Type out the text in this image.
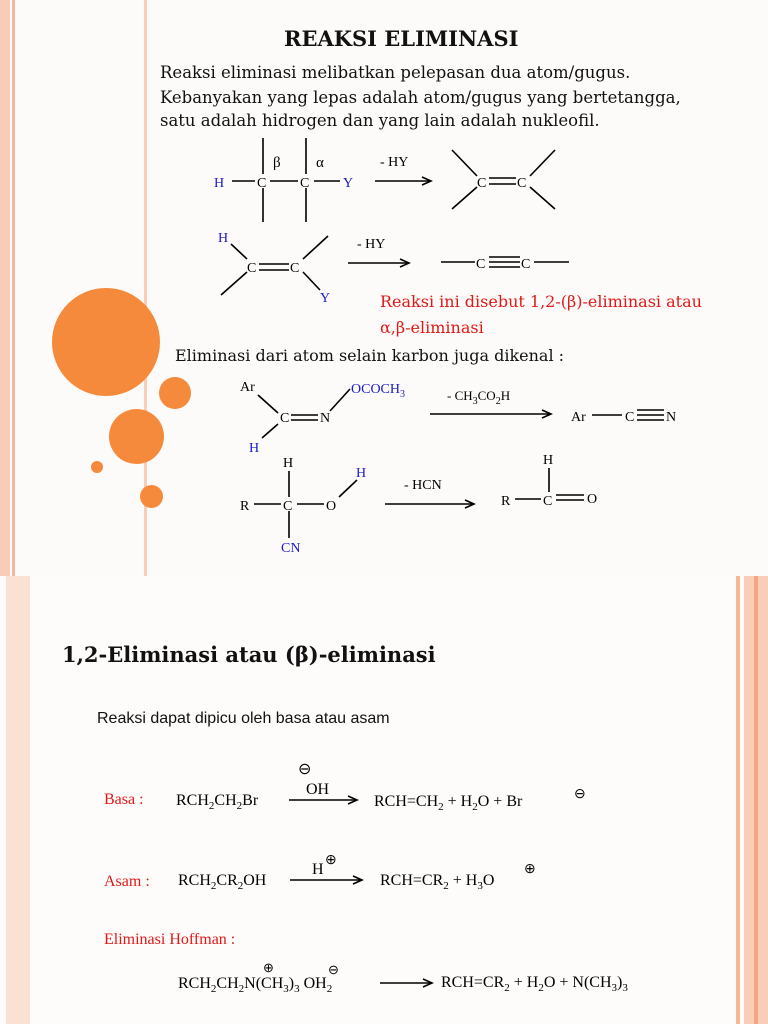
REAKSI ELIMINASI
Reaksi eliminasi melibatkan pelepasan dua atom/gugus.
Kebanyakan yang lepas adalah atom/gugus yang bertetangga,
satu adalah hidrogen dan yang lain adalah nukleofil.
Reaksi ini disebut 1,2-(β)-eliminasi atau
α,β-eliminasi
Eliminasi dari atom selain karbon juga dikenal :
H C C Y
β α	- HY
C C
H
C C
Y
- HY
C	C
Ar
C N
H
$OCOCH_3$	- $CH_3CO_2H$
Ar	C N
H
R C O
H
CN
- HCN
H
R C O
1,2-Eliminasi atau (β)-eliminasi
Reaksi dapat dipicu oleh basa atau asam
Basa : $RCH_2CH_2Br$
⊖
OH
$RCH=CH_2 + H_2O + Br$	⊖
Asam : $RCH_2CR_2OH$
H
⊕
$RCH=CR_2 + H_3O$
⊕
Eliminasi Hoffman :
⊕	⊖
$RCH_2CH_2N(CH_3)_3$ $OH_2$	$RCH=CR_2 + H_2O + N(CH_3)_3$
